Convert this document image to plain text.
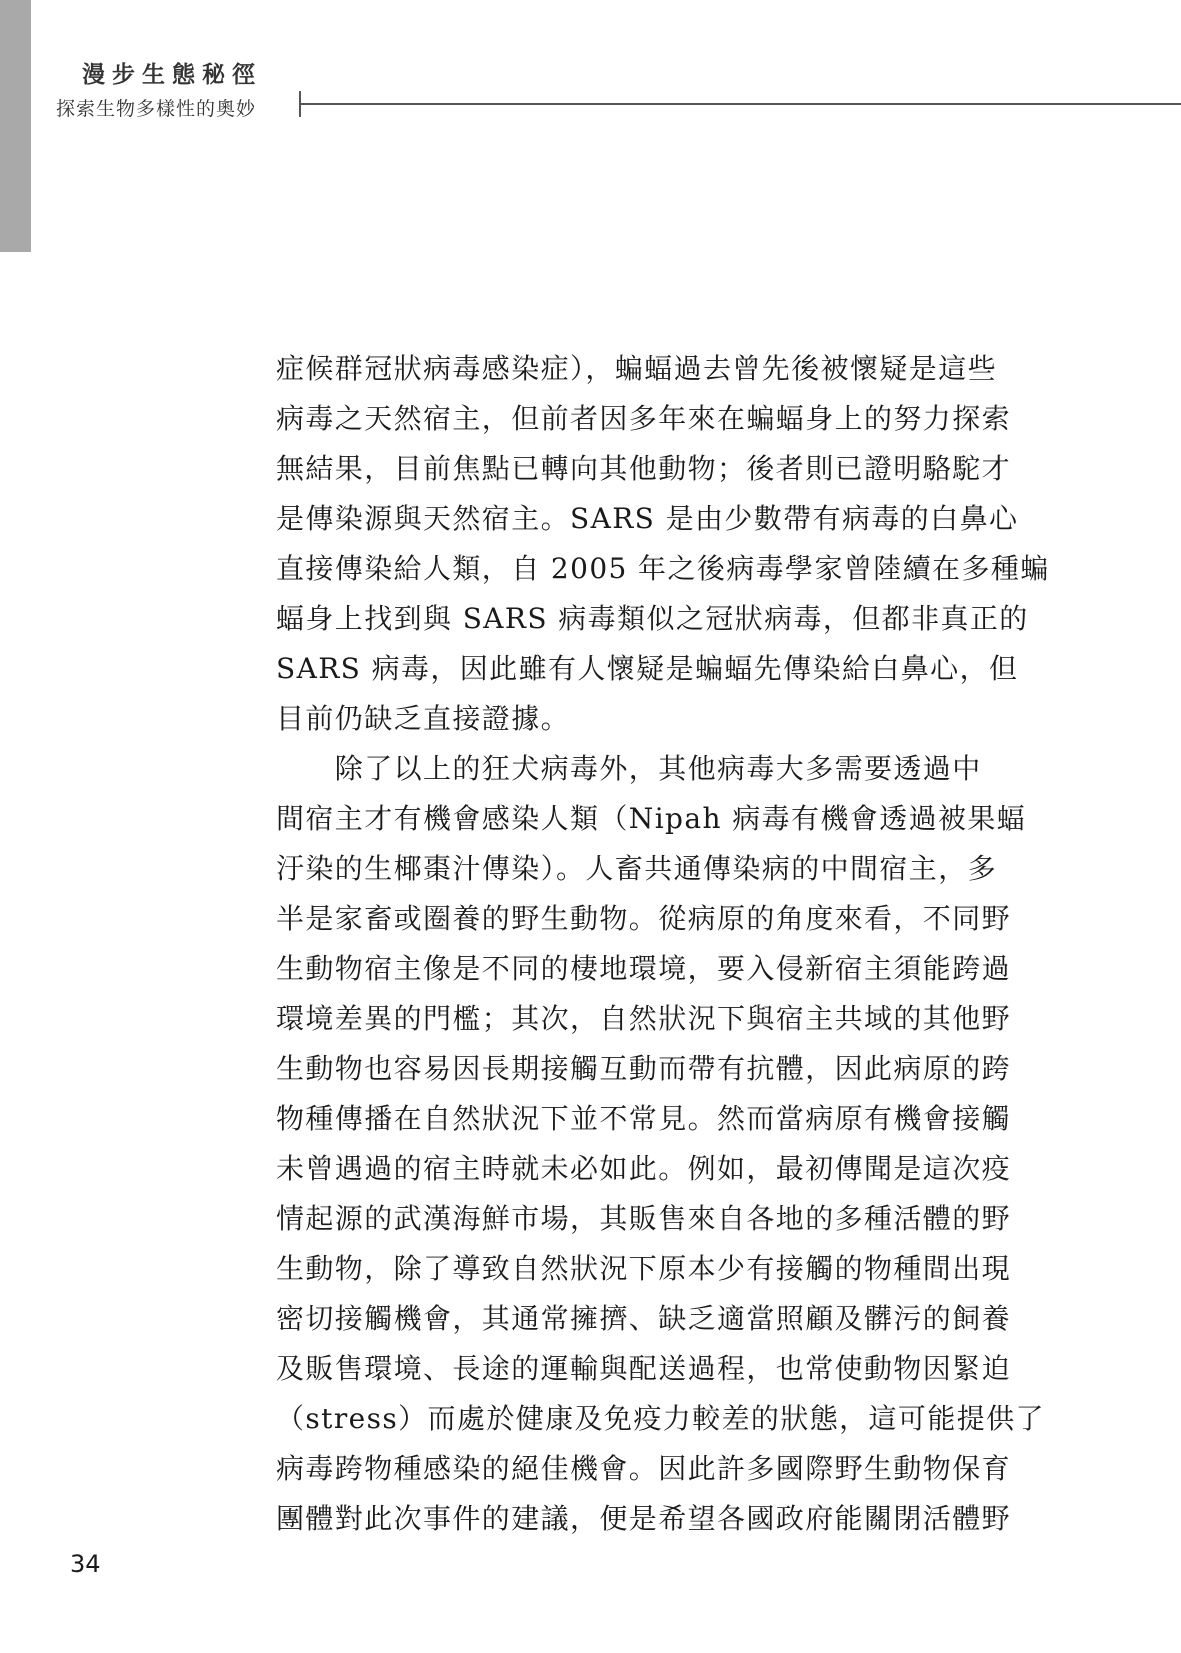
漫步生態秘徑
探索生物多樣性的奧妙
症候群冠狀病毒感染症），蝙蝠過去曾先後被懷疑是這些
病毒之天然宿主，但前者因多年來在蝙蝠身上的努力探索
無結果，目前焦點已轉向其他動物；後者則已證明駱駝才
是傳染源與天然宿主。SARS 是由少數帶有病毒的白鼻心
直接傳染給人類，自 2005 年之後病毒學家曾陸續在多種蝙
蝠身上找到與 SARS 病毒類似之冠狀病毒，但都非真正的
SARS 病毒，因此雖有人懷疑是蝙蝠先傳染給白鼻心，但
目前仍缺乏直接證據。
　　除了以上的狂犬病毒外，其他病毒大多需要透過中
間宿主才有機會感染人類（Nipah 病毒有機會透過被果蝠
汙染的生椰棗汁傳染）。人畜共通傳染病的中間宿主，多
半是家畜或圈養的野生動物。從病原的角度來看，不同野
生動物宿主像是不同的棲地環境，要入侵新宿主須能跨過
環境差異的門檻；其次，自然狀況下與宿主共域的其他野
生動物也容易因長期接觸互動而帶有抗體，因此病原的跨
物種傳播在自然狀況下並不常見。然而當病原有機會接觸
未曾遇過的宿主時就未必如此。例如，最初傳聞是這次疫
情起源的武漢海鮮市場，其販售來自各地的多種活體的野
生動物，除了導致自然狀況下原本少有接觸的物種間出現
密切接觸機會，其通常擁擠、缺乏適當照顧及髒污的飼養
及販售環境、長途的運輸與配送過程，也常使動物因緊迫
（stress）而處於健康及免疫力較差的狀態，這可能提供了
病毒跨物種感染的絕佳機會。因此許多國際野生動物保育
團體對此次事件的建議，便是希望各國政府能關閉活體野
34
